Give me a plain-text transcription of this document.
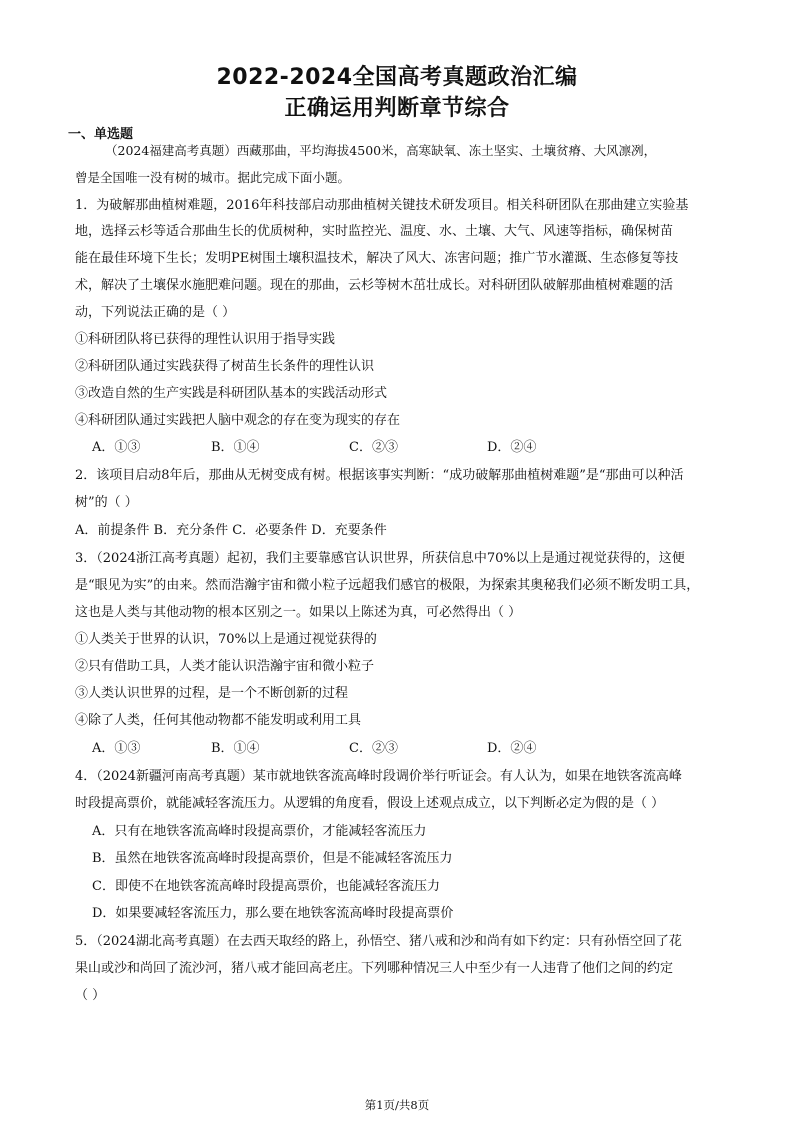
2022-2024全国高考真题政治汇编
正确运用判断章节综合
一、单选题
（2024福建高考真题）西藏那曲，平均海拔4500米，高寒缺氧、冻土坚实、土壤贫瘠、大风凛冽，
曾是全国唯一没有树的城市。据此完成下面小题。
1．为破解那曲植树难题，2016年科技部启动那曲植树关键技术研发项目。相关科研团队在那曲建立实验基
地，选择云杉等适合那曲生长的优质树种，实时监控光、温度、水、土壤、大气、风速等指标，确保树苗
能在最佳环境下生长；发明PE树围土壤积温技术，解决了风大、冻害问题；推广节水灌溉、生态修复等技
术，解决了土壤保水施肥难问题。现在的那曲，云杉等树木茁壮成长。对科研团队破解那曲植树难题的活
动，下列说法正确的是（ ）
①科研团队将已获得的理性认识用于指导实践
②科研团队通过实践获得了树苗生长条件的理性认识
③改造自然的生产实践是科研团队基本的实践活动形式
④科研团队通过实践把人脑中观念的存在变为现实的存在
A．①③	B．①④	C．②③	D．②④
2．该项目启动8年后，那曲从无树变成有树。根据该事实判断：“成功破解那曲植树难题”是“那曲可以种活
树”的（ ）
A．前提条件 B．充分条件 C．必要条件 D．充要条件
3．（2024浙江高考真题）起初，我们主要靠感官认识世界，所获信息中70%以上是通过视觉获得的，这便
是“眼见为实”的由来。然而浩瀚宇宙和微小粒子远超我们感官的极限，为探索其奥秘我们必须不断发明工具，
这也是人类与其他动物的根本区别之一。如果以上陈述为真，可必然得出（ ）
①人类关于世界的认识，70%以上是通过视觉获得的
②只有借助工具，人类才能认识浩瀚宇宙和微小粒子
③人类认识世界的过程，是一个不断创新的过程
④除了人类，任何其他动物都不能发明或利用工具
A．①③	B．①④	C．②③	D．②④
4．（2024新疆河南高考真题）某市就地铁客流高峰时段调价举行听证会。有人认为，如果在地铁客流高峰
时段提高票价，就能减轻客流压力。从逻辑的角度看，假设上述观点成立，以下判断必定为假的是（ ）
A．只有在地铁客流高峰时段提高票价，才能减轻客流压力
B．虽然在地铁客流高峰时段提高票价，但是不能减轻客流压力
C．即使不在地铁客流高峰时段提高票价，也能减轻客流压力
D．如果要减轻客流压力，那么要在地铁客流高峰时段提高票价
5．（2024湖北高考真题）在去西天取经的路上，孙悟空、猪八戒和沙和尚有如下约定：只有孙悟空回了花
果山或沙和尚回了流沙河，猪八戒才能回高老庄。下列哪种情况三人中至少有一人违背了他们之间的约定
（ ）
第1页/共8页
